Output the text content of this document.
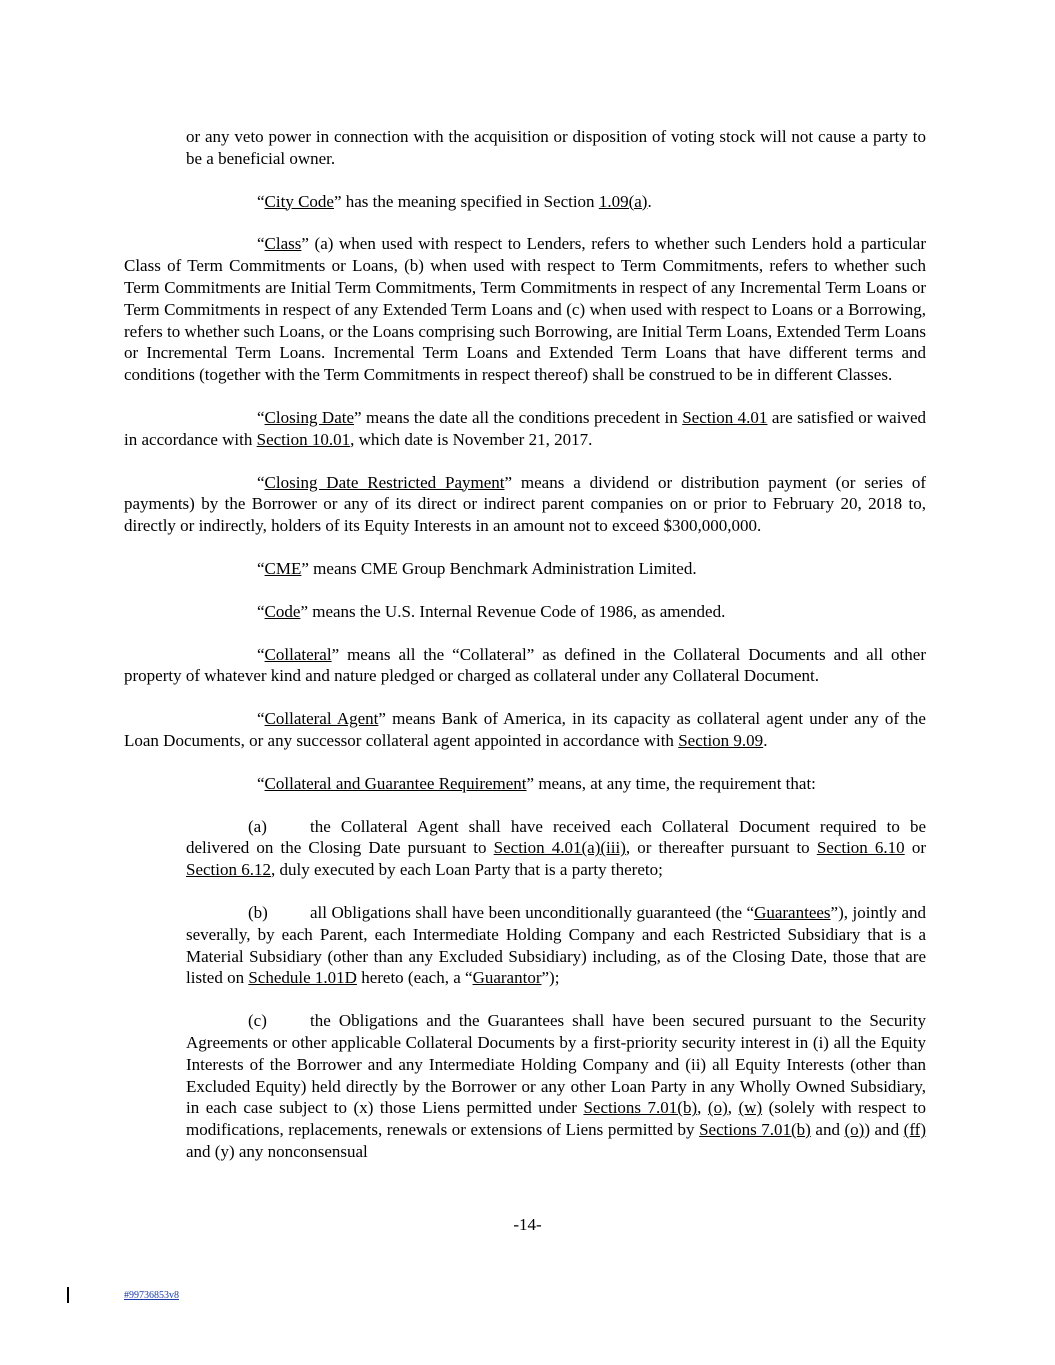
or any veto power in connection with the acquisition or disposition of voting stock will not cause a party to be a beneficial owner.

“City Code” has the meaning specified in Section 1.09(a).

“Class” (a) when used with respect to Lenders, refers to whether such Lenders hold a particular Class of Term Commitments or Loans, (b) when used with respect to Term Commitments, refers to whether such Term Commitments are Initial Term Commitments, Term Commitments in respect of any Incremental Term Loans or Term Commitments in respect of any Extended Term Loans and (c) when used with respect to Loans or a Borrowing, refers to whether such Loans, or the Loans comprising such Borrowing, are Initial Term Loans, Extended Term Loans or Incremental Term Loans. Incremental Term Loans and Extended Term Loans that have different terms and conditions (together with the Term Commitments in respect thereof) shall be construed to be in different Classes.

“Closing Date” means the date all the conditions precedent in Section 4.01 are satisfied or waived in accordance with Section 10.01, which date is November 21, 2017.

“Closing Date Restricted Payment” means a dividend or distribution payment (or series of payments) by the Borrower or any of its direct or indirect parent companies on or prior to February 20, 2018 to, directly or indirectly, holders of its Equity Interests in an amount not to exceed $300,000,000.

“CME” means CME Group Benchmark Administration Limited.

“Code” means the U.S. Internal Revenue Code of 1986, as amended.

“Collateral” means all the “Collateral” as defined in the Collateral Documents and all other property of whatever kind and nature pledged or charged as collateral under any Collateral Document.

“Collateral Agent” means Bank of America, in its capacity as collateral agent under any of the Loan Documents, or any successor collateral agent appointed in accordance with Section 9.09.

“Collateral and Guarantee Requirement” means, at any time, the requirement that:

(a)	the Collateral Agent shall have received each Collateral Document required to be delivered on the Closing Date pursuant to Section 4.01(a)(iii), or thereafter pursuant to Section 6.10 or Section 6.12, duly executed by each Loan Party that is a party thereto;

(b) all Obligations shall have been unconditionally guaranteed (the “Guarantees”), jointly and severally, by each Parent, each Intermediate Holding Company and each Restricted Subsidiary that is a Material Subsidiary (other than any Excluded Subsidiary) including, as of the Closing Date, those that are listed on Schedule 1.01D hereto (each, a “Guarantor”);

(c)	the Obligations and the Guarantees shall have been secured pursuant to the Security Agreements or other applicable Collateral Documents by a first-priority security interest in (i) all the Equity Interests of the Borrower and any Intermediate Holding Company and (ii) all Equity Interests (other than Excluded Equity) held directly by the Borrower or any other Loan Party in any Wholly Owned Subsidiary, in each case subject to (x) those Liens permitted under Sections 7.01(b), (o), (w) (solely with respect to modifications, replacements, renewals or extensions of Liens permitted by Sections 7.01(b) and (o)) and (ff) and (y) any nonconsensual

-14-
#99736853v8
